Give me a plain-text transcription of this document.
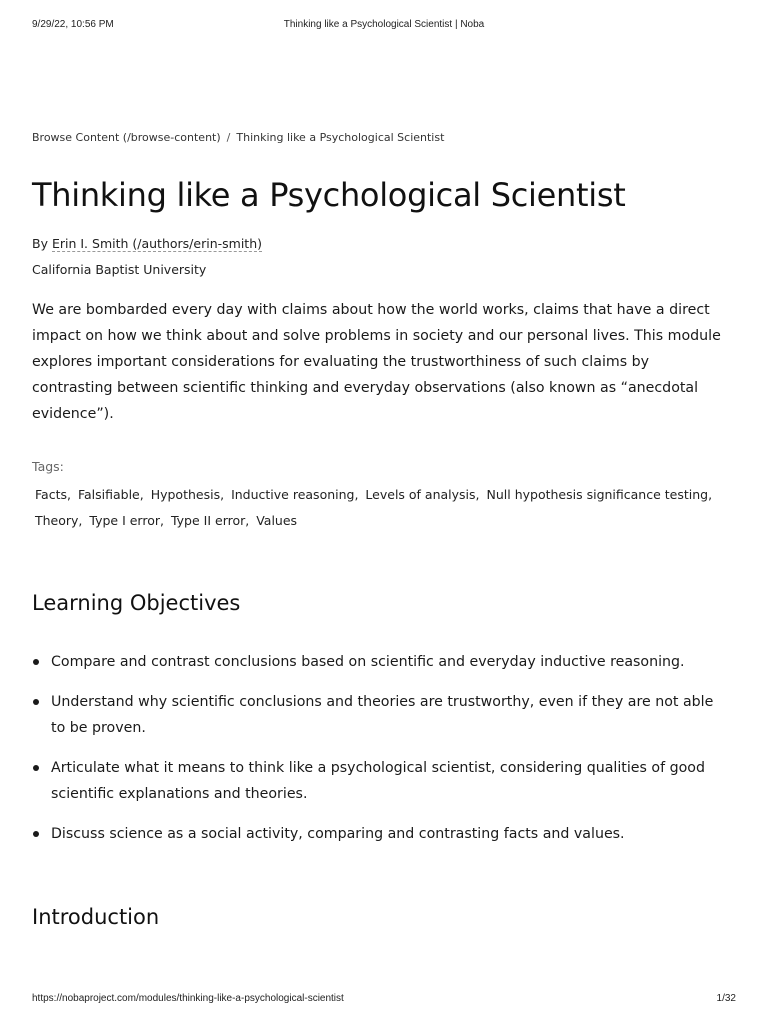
9/29/22, 10:56 PM	Thinking like a Psychological Scientist | Noba
Browse Content (/browse-content) / Thinking like a Psychological Scientist
Thinking like a Psychological Scientist
By Erin I. Smith (/authors/erin-smith)
California Baptist University

We are bombarded every day with claims about how the world works, claims that have a direct impact on how we think about and solve problems in society and our personal lives. This module explores important considerations for evaluating the trustworthiness of such claims by contrasting between scientific thinking and everyday observations (also known as “anecdotal evidence”).

Tags:
Facts, Falsifiable, Hypothesis, Inductive reasoning, Levels of analysis, Null hypothesis significance testing, Theory, Type I error, Type II error, Values
Learning Objectives
Compare and contrast conclusions based on scientific and everyday inductive reasoning.
Understand why scientific conclusions and theories are trustworthy, even if they are not able to be proven.
Articulate what it means to think like a psychological scientist, considering qualities of good scientific explanations and theories.
Discuss science as a social activity, comparing and contrasting facts and values.
Introduction
https://nobaproject.com/modules/thinking-like-a-psychological-scientist	1/32
